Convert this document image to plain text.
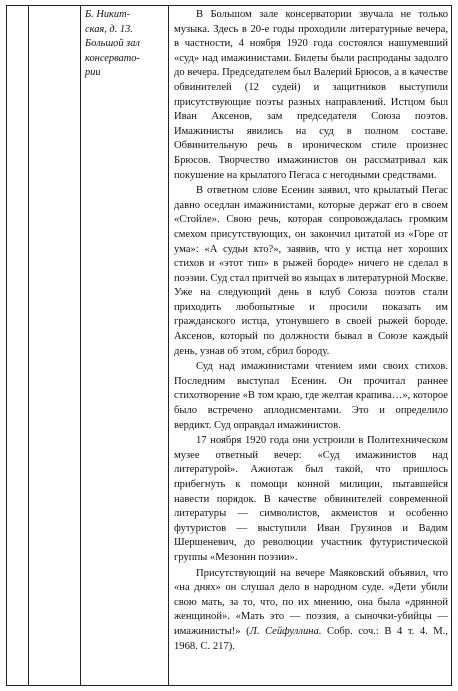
Б. Никит-

ская, д. 13.

Большой зал

консервато-

рии

В Большом зале консерватории звучала не только музыка. Здесь в 20-е годы проходили литературные вечера, в частности, 4 ноября 1920 года состоялся нашумевший «суд» над имажинистами. Билеты были распроданы задолго до вечера. Председателем был Валерий Брюсов, а в качестве обвинителей (12 судей) и защитников выступили присутствующие поэты разных направлений. Истцом был Иван Аксенов, зам председателя Союза поэтов. Имажинисты явились на суд в полном составе. Обвинительную речь в ироническом стиле произнес Брюсов. Творчество имажинистов он рассматривал как покушение на крылатого Пегаса с негодными средствами.

В ответном слове Есенин заявил, что крылатый Пегас давно оседлан имажинистами, которые держат его в своем «Стойле». Свою речь, которая сопровождалась громким смехом присутствующих, он закончил цитатой из «Горе от ума»: «А судьи кто?», заявив, что у истца нет хороших стихов и «этот тип» в рыжей бороде» ничего не сделал в поэзии. Суд стал притчей во языцах в литературной Москве. Уже на следующий день в клуб Союза поэтов стали приходить любопытные и просили показать им гражданского истца, утонувшего в своей рыжей бороде. Аксенов, который по должности бывал в Союзе каждый день, узнав об этом, сбрил бороду.

Суд над имажинистами чтением ими своих стихов. Последним выступал Есенин. Он прочитал раннее стихотворение «В том краю, где желтая крапива…», которое было встречено аплодисментами. Это и определило вердикт. Суд оправдал имажинистов.

17 ноября 1920 года они устроили в Политехническом музее ответный вечер: «Суд имажинистов над литературой». Ажиотаж был такой, что пришлось прибегнуть к помощи конной милиции, пытавшейся навести порядок. В качестве обвинителей современной литературы — символистов, акмеистов и особенно футуристов — выступили Иван Грузинов и Вадим Шершеневич, до революции участник футуристической группы «Мезонин поэзии».

Присутствующий на вечере Маяковский объявил, что «на днях» он слушал дело в народном суде. «Дети убили свою мать, за то, что, по их мнению, она была «дрянной женщиной». «Мать это — поэзия, а сыночки-убийцы — имажинисты!» (Л. Сейфуллина. Собр. соч.: В 4 т. 4. М., 1968. С. 217).
